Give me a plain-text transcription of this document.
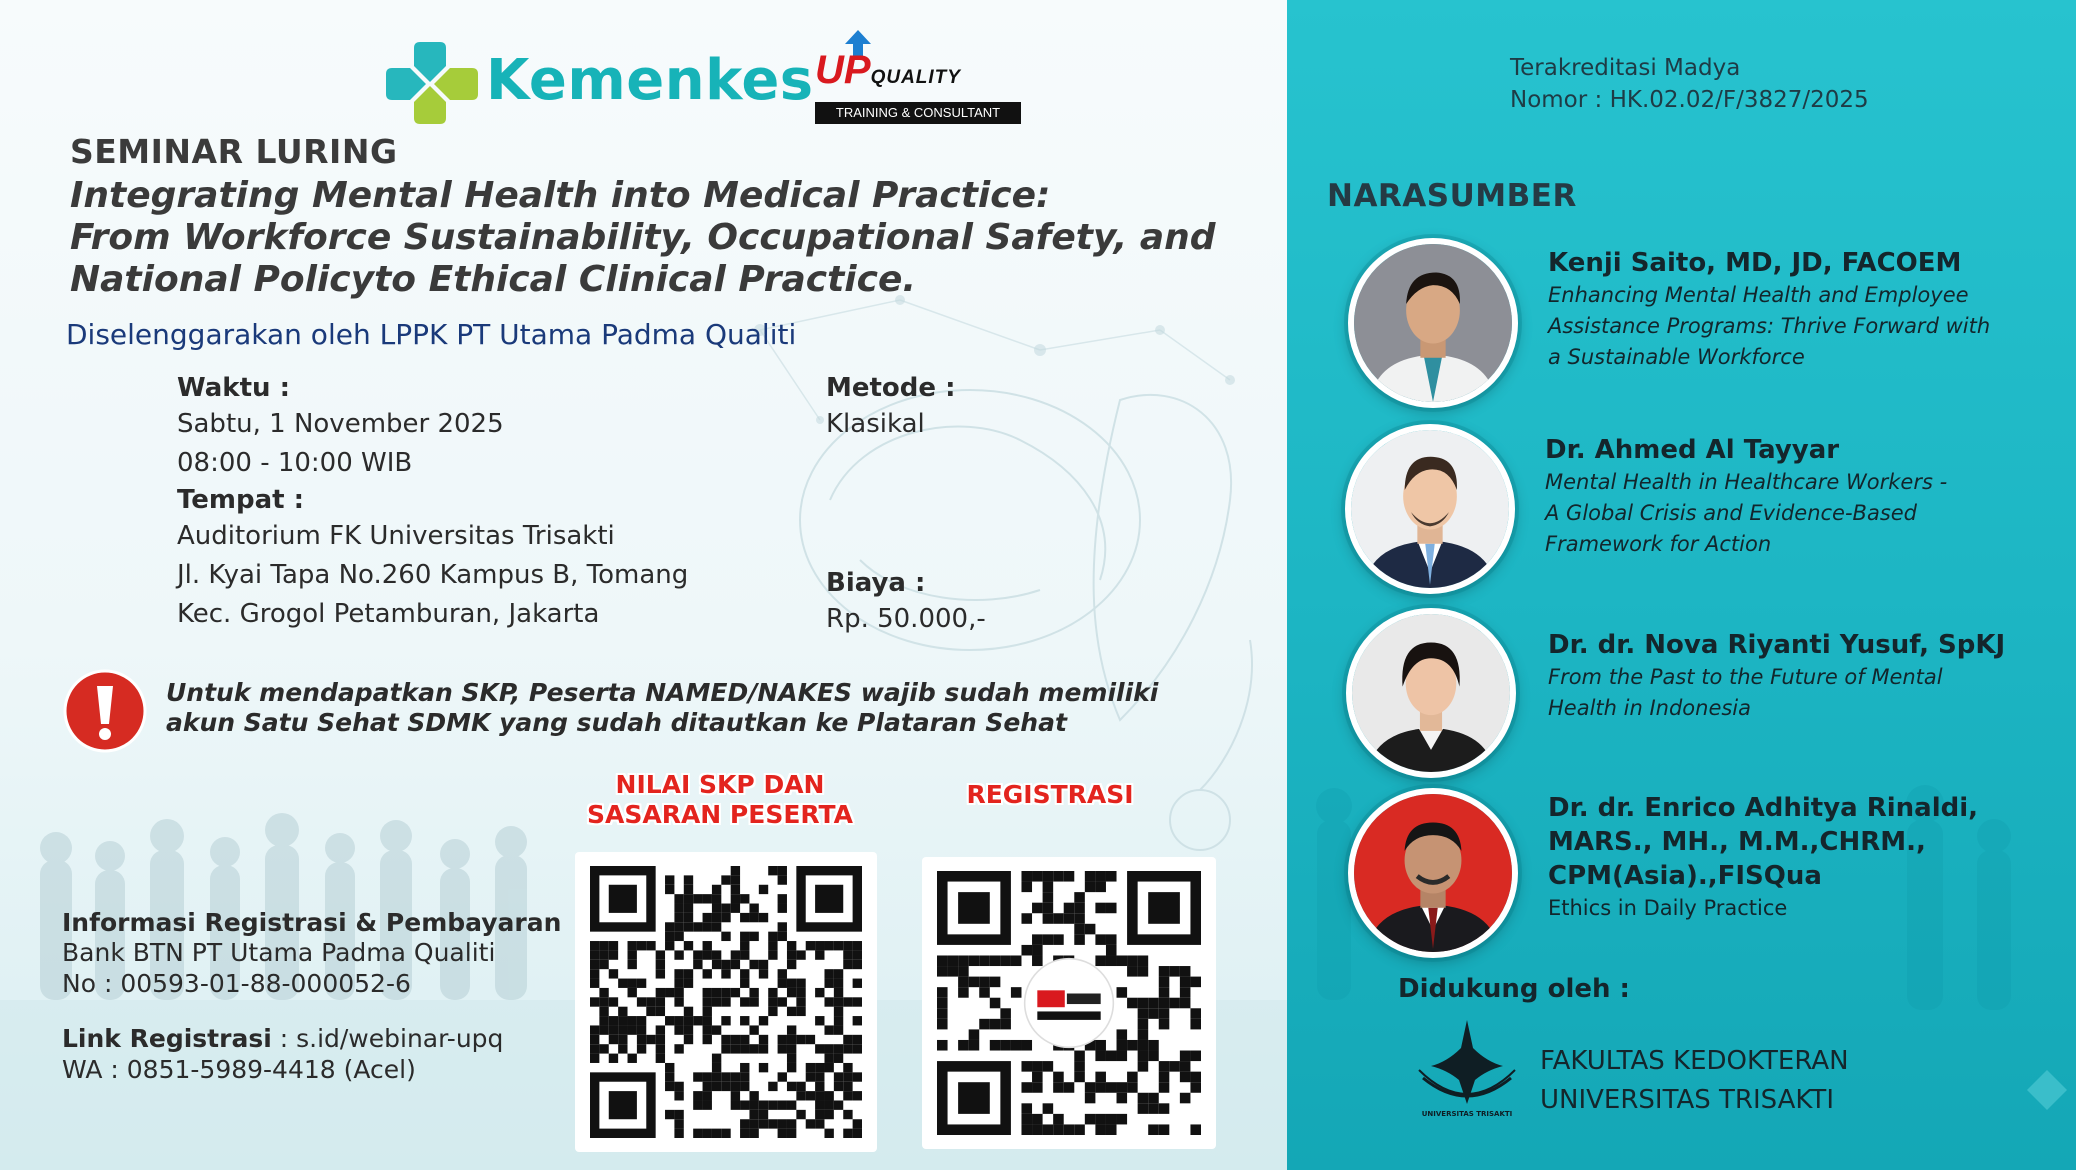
Kemenkes UPQUALITY
TRAINING & CONSULTANT
SEMINAR LURING
Integrating Mental Health into Medical Practice:
From Workforce Sustainability, Occupational Safety, and
National Policyto Ethical Clinical Practice.
Diselenggarakan oleh LPPK PT Utama Padma Qualiti
Waktu :
Sabtu, 1 November 2025
08:00 - 10:00 WIB
Tempat :
Auditorium FK Universitas Trisakti
Jl. Kyai Tapa No.260 Kampus B, Tomang
Kec. Grogol Petamburan, Jakarta
Metode :
Klasikal
Biaya :
Rp. 50.000,-
Untuk mendapatkan SKP, Peserta NAMED/NAKES wajib sudah memiliki
akun Satu Sehat SDMK yang sudah ditautkan ke Plataran Sehat
NILAI SKP DAN
SASARAN PESERTA
REGISTRASI
Informasi Registrasi & Pembayaran
Bank BTN PT Utama Padma Qualiti
No : 00593-01-88-000052-6
Link Registrasi : s.id/webinar-upq
WA : 0851-5989-4418 (Acel)
Terakreditasi Madya
Nomor : HK.02.02/F/3827/2025
NARASUMBER
Kenji Saito, MD, JD, FACOEM
Enhancing Mental Health and Employee
Assistance Programs: Thrive Forward with
a Sustainable Workforce
Dr. Ahmed Al Tayyar
Mental Health in Healthcare Workers -
A Global Crisis and Evidence-Based
Framework for Action
Dr. dr. Nova Riyanti Yusuf, SpKJ
From the Past to the Future of Mental
Health in Indonesia
Dr. dr. Enrico Adhitya Rinaldi,
MARS., MH., M.M.,CHRM.,
CPM(Asia).,FISQua
Ethics in Daily Practice
Didukung oleh :
UNIVERSITAS TRISAKTI
FAKULTAS KEDOKTERAN
UNIVERSITAS TRISAKTI
